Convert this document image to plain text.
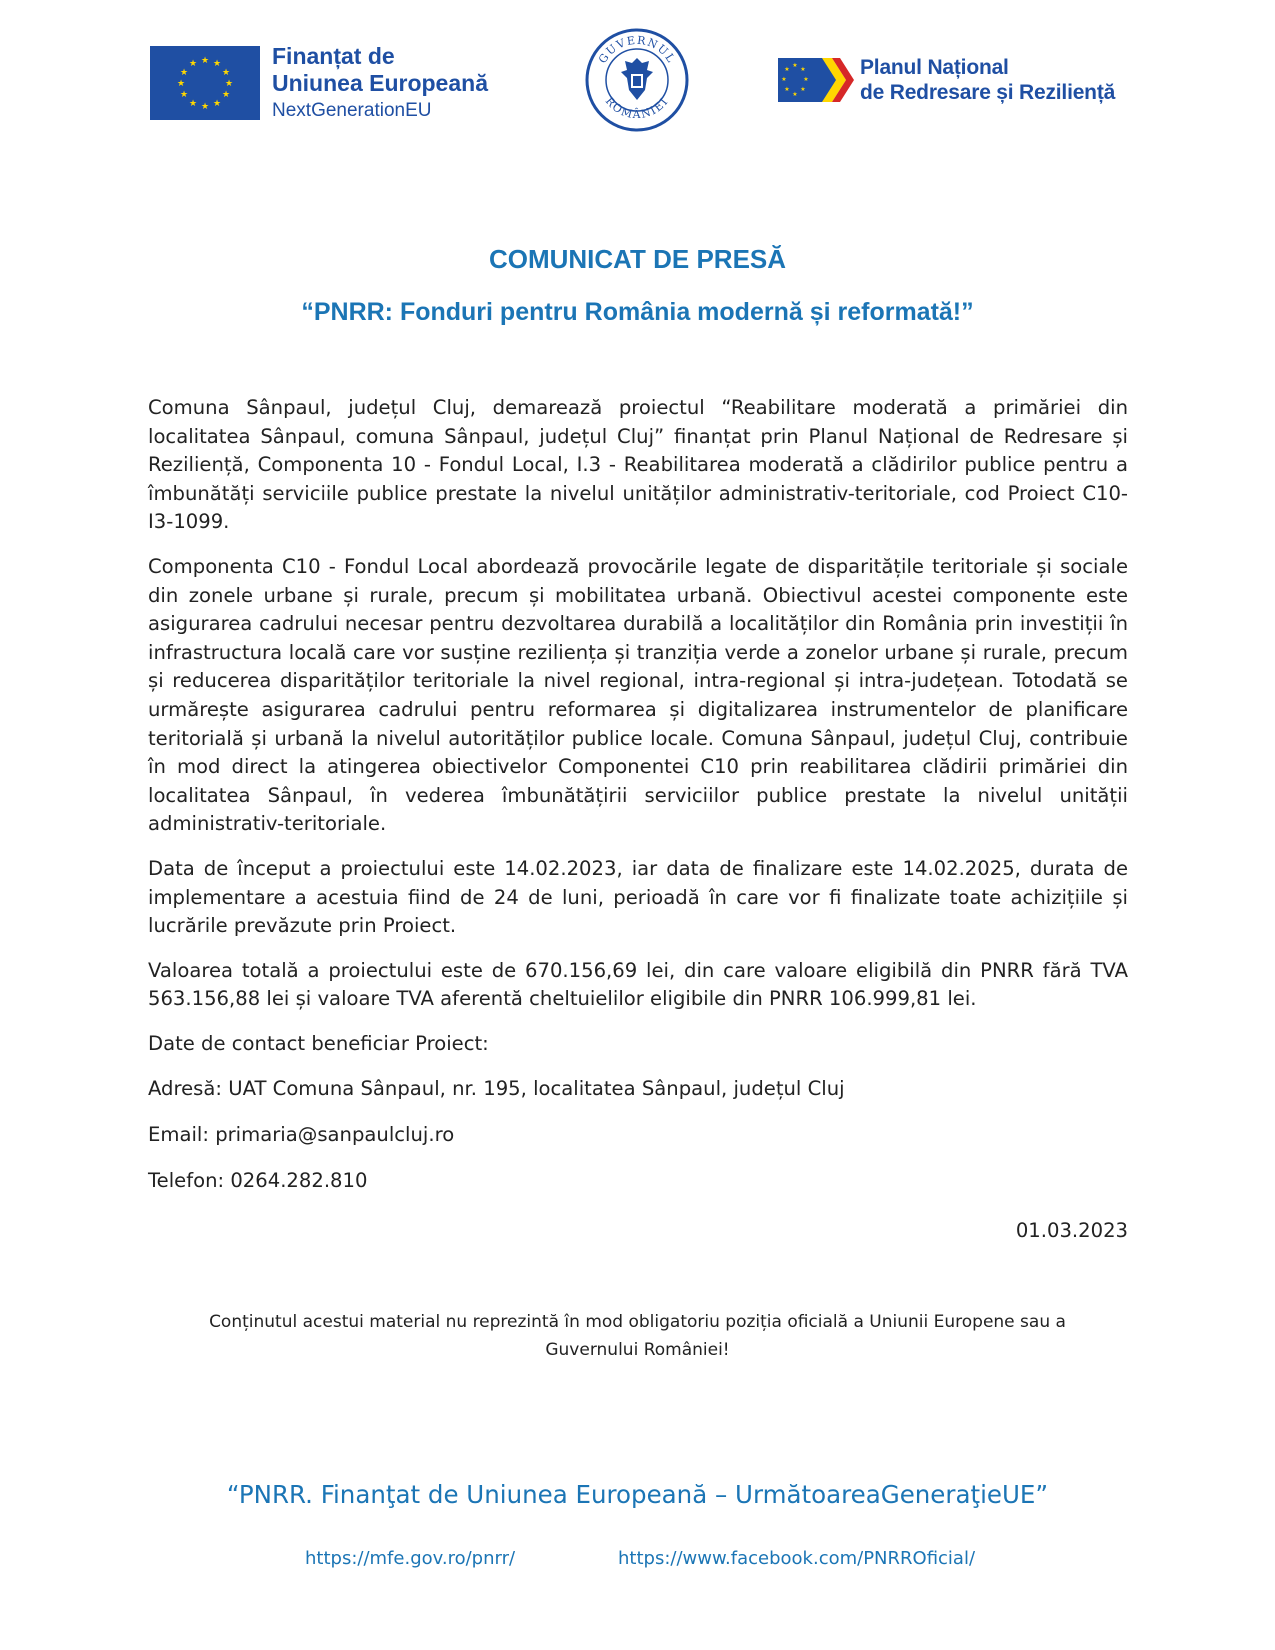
★ ★
★
★
★
★
★
★
★
★
★
★	Finanțat de
Uniunea Europeană
NextGenerationEU
GUVERNUL
ROMÂNIEI
★
★
★
★
★
★
★
★	Planul Național
de Redresare și Reziliență
COMUNICAT DE PRESĂ
“PNRR: Fonduri pentru România modernă și reformată!”

Comuna Sânpaul, județul Cluj, demarează proiectul “Reabilitare moderată a primăriei din localitatea Sânpaul, comuna Sânpaul, județul Cluj” finanțat prin Planul Național de Redresare și Reziliență, Componenta 10 - Fondul Local, I.3 - Reabilitarea moderată a clădirilor publice pentru a îmbunătăți serviciile publice prestate la nivelul unităților administrativ-teritoriale, cod Proiect C10-I3-1099.

Componenta C10 - Fondul Local abordează provocările legate de disparitățile teritoriale și sociale din zonele urbane și rurale, precum și mobilitatea urbană. Obiectivul acestei componente este asigurarea cadrului necesar pentru dezvoltarea durabilă a localităților din România prin investiții în infrastructura locală care vor susține reziliența și tranziția verde a zonelor urbane și rurale, precum și reducerea disparităților teritoriale la nivel regional, intra-regional și intra-județean. Totodată se urmărește asigurarea cadrului pentru reformarea și digitalizarea instrumentelor de planificare teritorială și urbană la nivelul autorităților publice locale. Comuna Sânpaul, județul Cluj, contribuie în mod direct la atingerea obiectivelor Componentei C10 prin reabilitarea clădirii primăriei din localitatea Sânpaul, în vederea îmbunătățirii serviciilor publice prestate la nivelul unității administrativ-teritoriale.

Data de început a proiectului este 14.02.2023, iar data de finalizare este 14.02.2025, durata de implementare a acestuia fiind de 24 de luni, perioadă în care vor fi finalizate toate achizițiile și lucrările prevăzute prin Proiect.

Valoarea totală a proiectului este de 670.156,69 lei, din care valoare eligibilă din PNRR fără TVA 563.156,88 lei și valoare TVA aferentă cheltuielilor eligibile din PNRR 106.999,81 lei.

Date de contact beneficiar Proiect:

Adresă: UAT Comuna Sânpaul, nr. 195, localitatea Sânpaul, județul Cluj

Email: primaria@sanpaulcluj.ro

Telefon: 0264.282.810

01.03.2023
Conținutul acestui material nu reprezintă în mod obligatoriu poziția oficială a Uniunii Europene sau a
Guvernului României!
“PNRR. Finanţat de Uniunea Europeană – UrmătoareaGeneraţieUE”
https://mfe.gov.ro/pnrr/	https://www.facebook.com/PNRROficial/
